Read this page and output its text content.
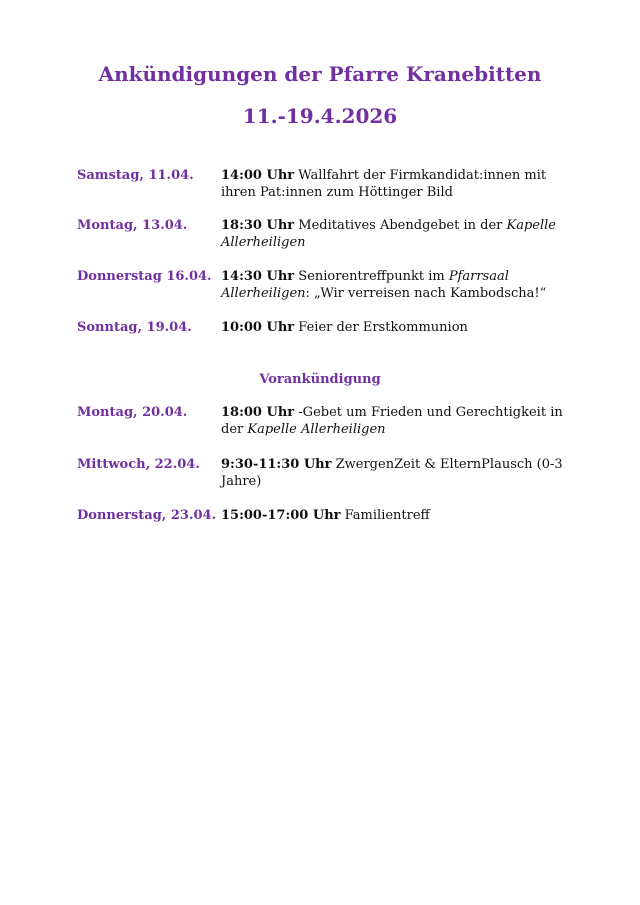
Ankündigungen der Pfarre Kranebitten
11.-19.4.2026
Samstag, 11.04. 14:00 Uhr Wallfahrt der Firmkandidat:innen mit ihren Pat:innen zum Höttinger Bild
Montag, 13.04.	18:30 Uhr Meditatives Abendgebet in der Kapelle Allerheiligen
Donnerstag 16.04. 14:30 Uhr Seniorentreffpunkt im Pfarrsaal Allerheiligen: „Wir verreisen nach Kambodscha!“
Sonntag, 19.04. 10:00 Uhr Feier der Erstkommunion
Vorankündigung
Montag, 20.04.	18:00 Uhr -Gebet um Frieden und Gerechtigkeit in der Kapelle Allerheiligen
Mittwoch, 22.04. 9:30-11:30 Uhr ZwergenZeit & ElternPlausch (0-3 Jahre)
Donnerstag, 23.04. 15:00-17:00 Uhr Familientreff
